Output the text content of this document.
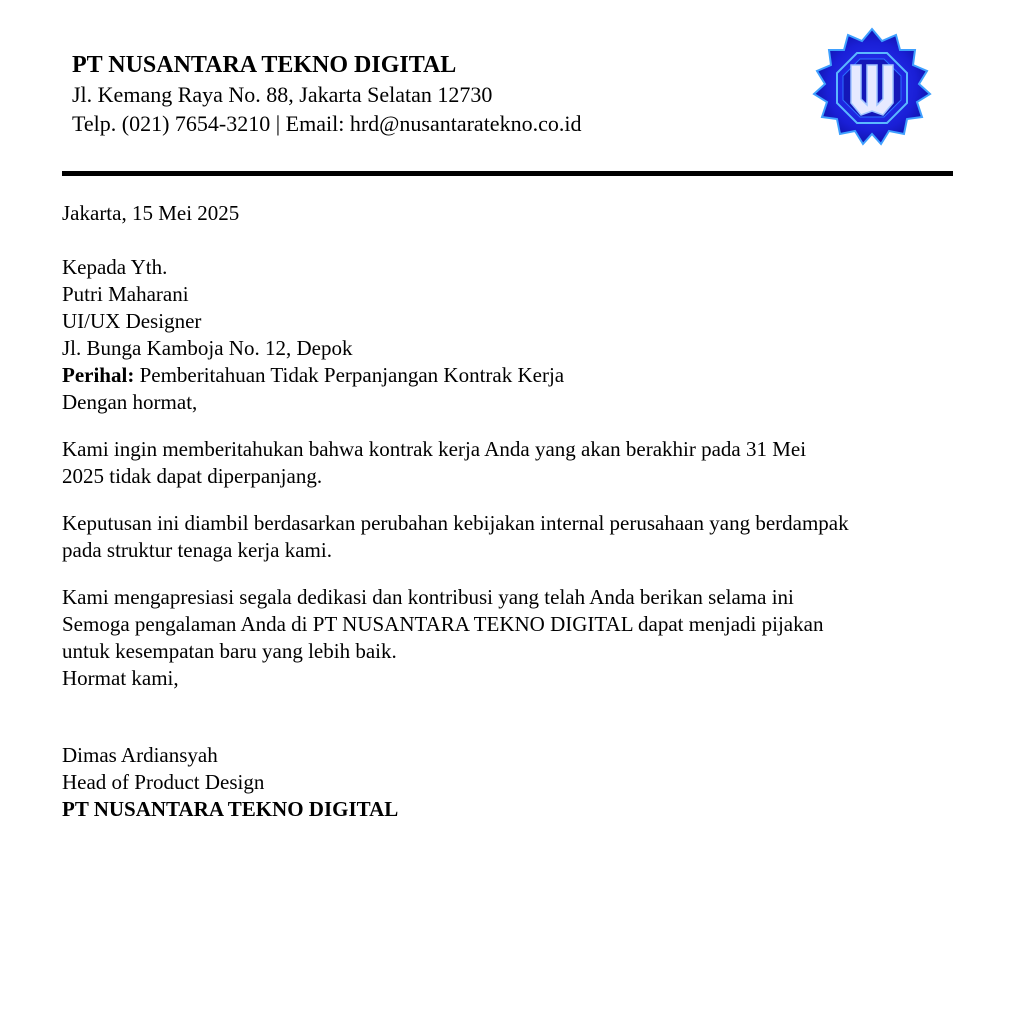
PT NUSANTARA TEKNO DIGITAL

Jl. Kemang Raya No. 88, Jakarta Selatan 12730

Telp. (021) 7654-3210 | Email: hrd@nusantaratekno.co.id

Jakarta, 15 Mei 2025

Kepada Yth.

Putri Maharani

UI/UX Designer

Jl. Bunga Kamboja No. 12, Depok

Perihal: Pemberitahuan Tidak Perpanjangan Kontrak Kerja

Dengan hormat,

Kami ingin memberitahukan bahwa kontrak kerja Anda yang akan berakhir pada 31 Mei

2025 tidak dapat diperpanjang.

Keputusan ini diambil berdasarkan perubahan kebijakan internal perusahaan yang berdampak

pada struktur tenaga kerja kami.

Kami mengapresiasi segala dedikasi dan kontribusi yang telah Anda berikan selama ini

Semoga pengalaman Anda di PT NUSANTARA TEKNO DIGITAL dapat menjadi pijakan

untuk kesempatan baru yang lebih baik.

Hormat kami,

Dimas Ardiansyah

Head of Product Design

PT NUSANTARA TEKNO DIGITAL
